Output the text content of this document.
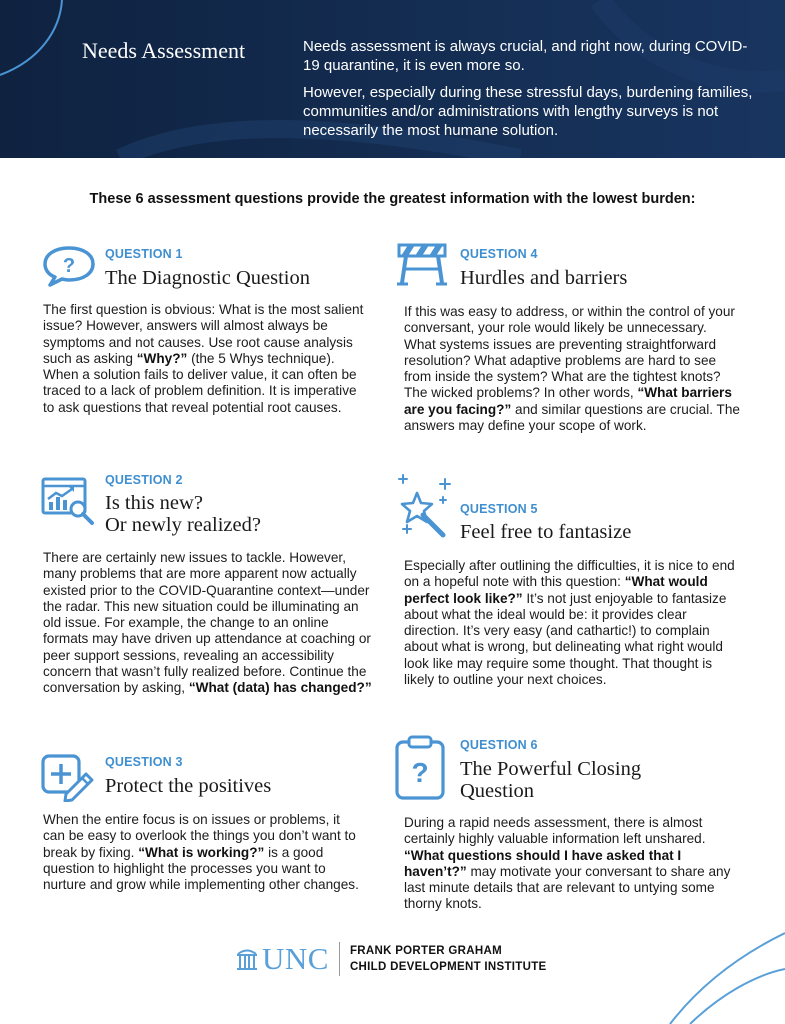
Needs Assessment	Needs assessment is always crucial, and right now, during COVID-19 quarantine, it is even more so.

However, especially during these stressful days, burdening families, communities and/or administrations with lengthy surveys is not necessarily the most humane solution.

These 6 assessment questions provide the greatest information with the lowest burden:
?
QUESTION 1
The Diagnostic Question
The first question is obvious: What is the most salient issue? However, answers will almost always be symptoms and not causes. Use root cause analysis such as asking “Why?” (the 5 Whys technique). When a solution fails to deliver value, it can often be traced to a lack of problem definition. It is imperative to ask questions that reveal potential root causes.
QUESTION 2
Is this new?
Or newly realized?
There are certainly new issues to tackle. However, many problems that are more apparent now actually existed prior to the COVID-Quarantine context—under the radar. This new situation could be illuminating an old issue. For example, the change to an online formats may have driven up attendance at coaching or peer support sessions, revealing an accessibility concern that wasn’t fully realized before. Continue the conversation by asking, “What (data) has changed?”
QUESTION 3
Protect the positives
When the entire focus is on issues or problems, it can be easy to overlook the things you don’t want to break by fixing. “What is working?” is a good question to highlight the processes you want to nurture and grow while implementing other changes.
QUESTION 4
Hurdles and barriers
If this was easy to address, or within the control of your conversant, your role would likely be unnecessary. What systems issues are preventing straightforward resolution? What adaptive problems are hard to see from inside the system? What are the tightest knots? The wicked problems? In other words, “What barriers are you facing?” and similar questions are crucial. The answers may define your scope of work.
QUESTION 5
Feel free to fantasize
Especially after outlining the difficulties, it is nice to end on a hopeful note with this question: “What would perfect look like?” It’s not just enjoyable to fantasize about what the ideal would be: it provides clear direction. It’s very easy (and cathartic!) to complain about what is wrong, but delineating what right would look like may require some thought. That thought is likely to outline your next choices.
?
QUESTION 6
The Powerful Closing
Question
During a rapid needs assessment, there is almost certainly highly valuable information left unshared. “What questions should I have asked that I haven’t?” may motivate your conversant to share any last minute details that are relevant to untying some thorny knots.
UNC FRANK PORTER GRAHAM
CHILD DEVELOPMENT INSTITUTE
